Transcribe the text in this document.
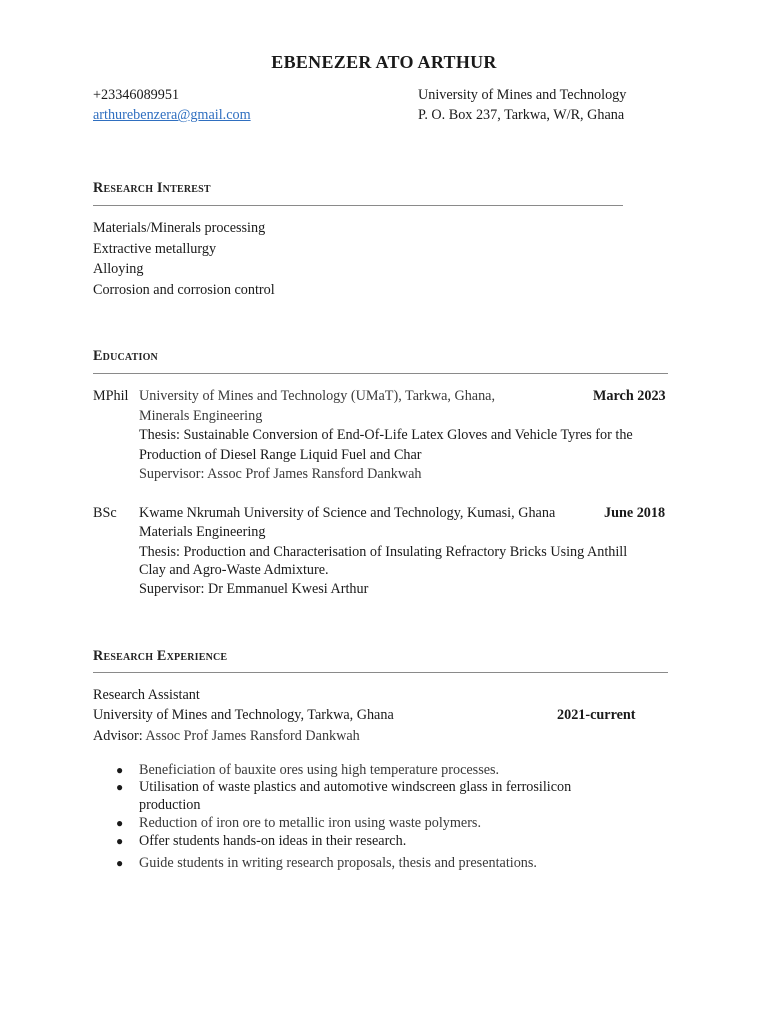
EBENEZER ATO ARTHUR
+23346089951
arthurebenzera@gmail.com
University of Mines and Technology
P. O. Box 237, Tarkwa, W/R, Ghana
Research Interest
Materials/Minerals processing
Extractive metallurgy
Alloying
Corrosion and corrosion control
Education
MPhil University of Mines and Technology (UMaT), Tarkwa, Ghana,	March 2023
Minerals Engineering
Thesis: Sustainable Conversion of End-Of-Life Latex Gloves and Vehicle Tyres for the
Production of Diesel Range Liquid Fuel and Char
Supervisor: Assoc Prof James Ransford Dankwah
BSc Kwame Nkrumah University of Science and Technology, Kumasi, Ghana	June 2018
Materials Engineering
Thesis: Production and Characterisation of Insulating Refractory Bricks Using Anthill
Clay and Agro-Waste Admixture.
Supervisor: Dr Emmanuel Kwesi Arthur
Research Experience
Research Assistant
University of Mines and Technology, Tarkwa, Ghana	2021-current
Advisor: Assoc Prof James Ransford Dankwah
● Beneficiation of bauxite ores using high temperature processes.
● Utilisation of waste plastics and automotive windscreen glass in ferrosilicon
production
● Reduction of iron ore to metallic iron using waste polymers.
● Offer students hands-on ideas in their research.
● Guide students in writing research proposals, thesis and presentations.
